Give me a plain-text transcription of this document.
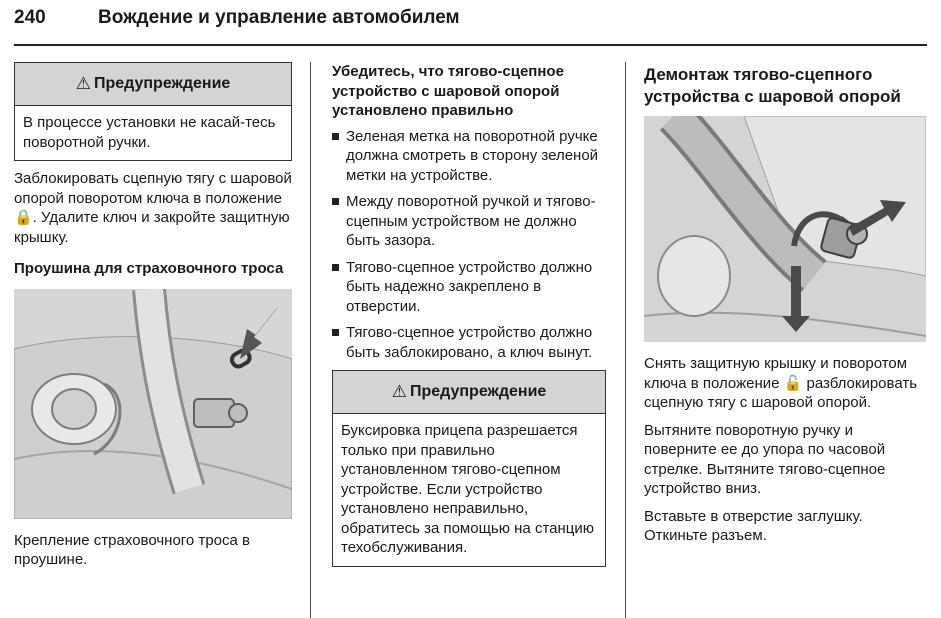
240	Вождение и управление автомобилем
⚠ Предупреждение
В процессе установки не касай-тесь поворотной ручки.

Заблокировать сцепную тягу с шаровой опорой поворотом ключа в положение 🔒. Удалите ключ и закройте защитную крышку.

Проушина для страховочного троса

Крепление страховочного троса в проушине.

Убедитесь, что тягово-сцепное устройство с шаровой опорой установлено правильно
Зеленая метка на поворотной ручке должна смотреть в сторону зеленой метки на устройстве.
Между поворотной ручкой и тягово-сцепным устройством не должно быть зазора.
Тягово-сцепное устройство должно быть надежно закреплено в отверстии.
Тягово-сцепное устройство должно быть заблокировано, а ключ вынут.
⚠ Предупреждение
Буксировка прицепа разрешается только при правильно установленном тягово-сцепном устройстве. Если устройство установлено неправильно, обратитесь за помощью на станцию техобслуживания.
Демонтаж тягово-сцепного устройства с шаровой опорой

Снять защитную крышку и поворотом ключа в положение 🔓 разблокировать сцепную тягу с шаровой опорой.

Вытяните поворотную ручку и поверните ее до упора по часовой стрелке. Вытяните тягово-сцепное устройство вниз.

Вставьте в отверстие заглушку. Откиньте разъем.
